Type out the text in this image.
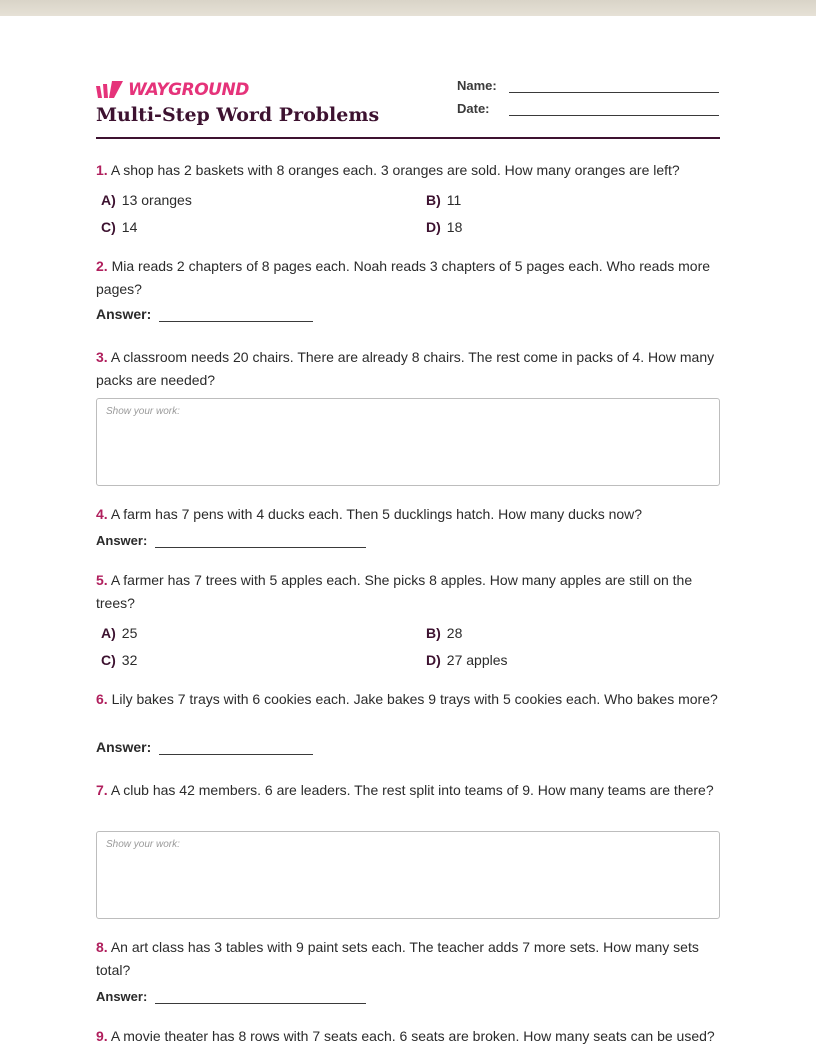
WAYGROUND
Multi-Step Word Problems
Name:
Date:
1. A shop has 2 baskets with 8 oranges each. 3 oranges are sold. How many oranges are left?
A) 13 oranges	B) 11
C) 14	D) 18
2. Mia reads 2 chapters of 8 pages each. Noah reads 3 chapters of 5 pages each. Who reads more pages?
Answer:
3. A classroom needs 20 chairs. There are already 8 chairs. The rest come in packs of 4. How many packs are needed?
Show your work:
4. A farm has 7 pens with 4 ducks each. Then 5 ducklings hatch. How many ducks now?
Answer:
5. A farmer has 7 trees with 5 apples each. She picks 8 apples. How many apples are still on the trees?
A) 25	B) 28
C) 32	D) 27 apples
6. Lily bakes 7 trays with 6 cookies each. Jake bakes 9 trays with 5 cookies each. Who bakes more?
Answer:
7. A club has 42 members. 6 are leaders. The rest split into teams of 9. How many teams are there?
Show your work:
8. An art class has 3 tables with 9 paint sets each. The teacher adds 7 more sets. How many sets total?
Answer:
9. A movie theater has 8 rows with 7 seats each. 6 seats are broken. How many seats can be used?
